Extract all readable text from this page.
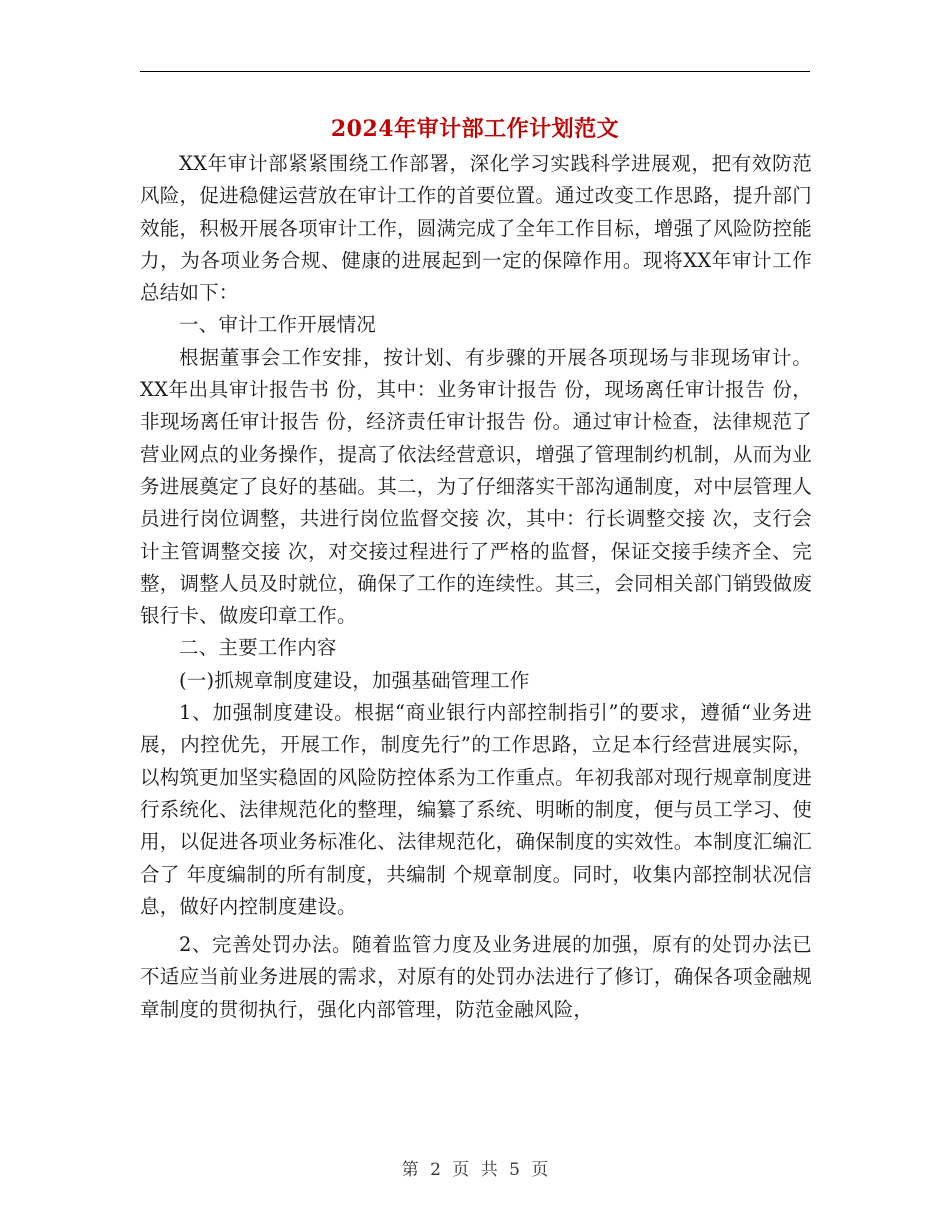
2024年审计部工作计划范文

XX年审计部紧紧围绕工作部署，深化学习实践科学进展观，把有效防范风险，促进稳健运营放在审计工作的首要位置。通过改变工作思路，提升部门效能，积极开展各项审计工作，圆满完成了全年工作目标，增强了风险防控能力，为各项业务合规、健康的进展起到一定的保障作用。现将XX年审计工作总结如下：

一、审计工作开展情况

根据董事会工作安排，按计划、有步骤的开展各项现场与非现场审计。XX年出具审计报告书 份，其中：业务审计报告 份，现场离任审计报告 份，非现场离任审计报告 份，经济责任审计报告 份。通过审计检查，法律规范了营业网点的业务操作，提高了依法经营意识，增强了管理制约机制，从而为业务进展奠定了良好的基础。其二，为了仔细落实干部沟通制度，对中层管理人员进行岗位调整，共进行岗位监督交接 次，其中：行长调整交接 次，支行会计主管调整交接 次，对交接过程进行了严格的监督，保证交接手续齐全、完整，调整人员及时就位，确保了工作的连续性。其三，会同相关部门销毁做废银行卡、做废印章工作。

二、主要工作内容

(一)抓规章制度建设，加强基础管理工作

1、加强制度建设。根据“商业银行内部控制指引”的要求，遵循“业务进展，内控优先，开展工作，制度先行”的工作思路，立足本行经营进展实际，以构筑更加坚实稳固的风险防控体系为工作重点。年初我部对现行规章制度进行系统化、法律规范化的整理，编纂了系统、明晰的制度，便与员工学习、使用，以促进各项业务标准化、法律规范化，确保制度的实效性。本制度汇编汇合了 年度编制的所有制度，共编制 个规章制度。同时，收集内部控制状况信息，做好内控制度建设。

2、完善处罚办法。随着监管力度及业务进展的加强，原有的处罚办法已不适应当前业务进展的需求，对原有的处罚办法进行了修订，确保各项金融规章制度的贯彻执行，强化内部管理，防范金融风险，

第 2 页 共 5 页
